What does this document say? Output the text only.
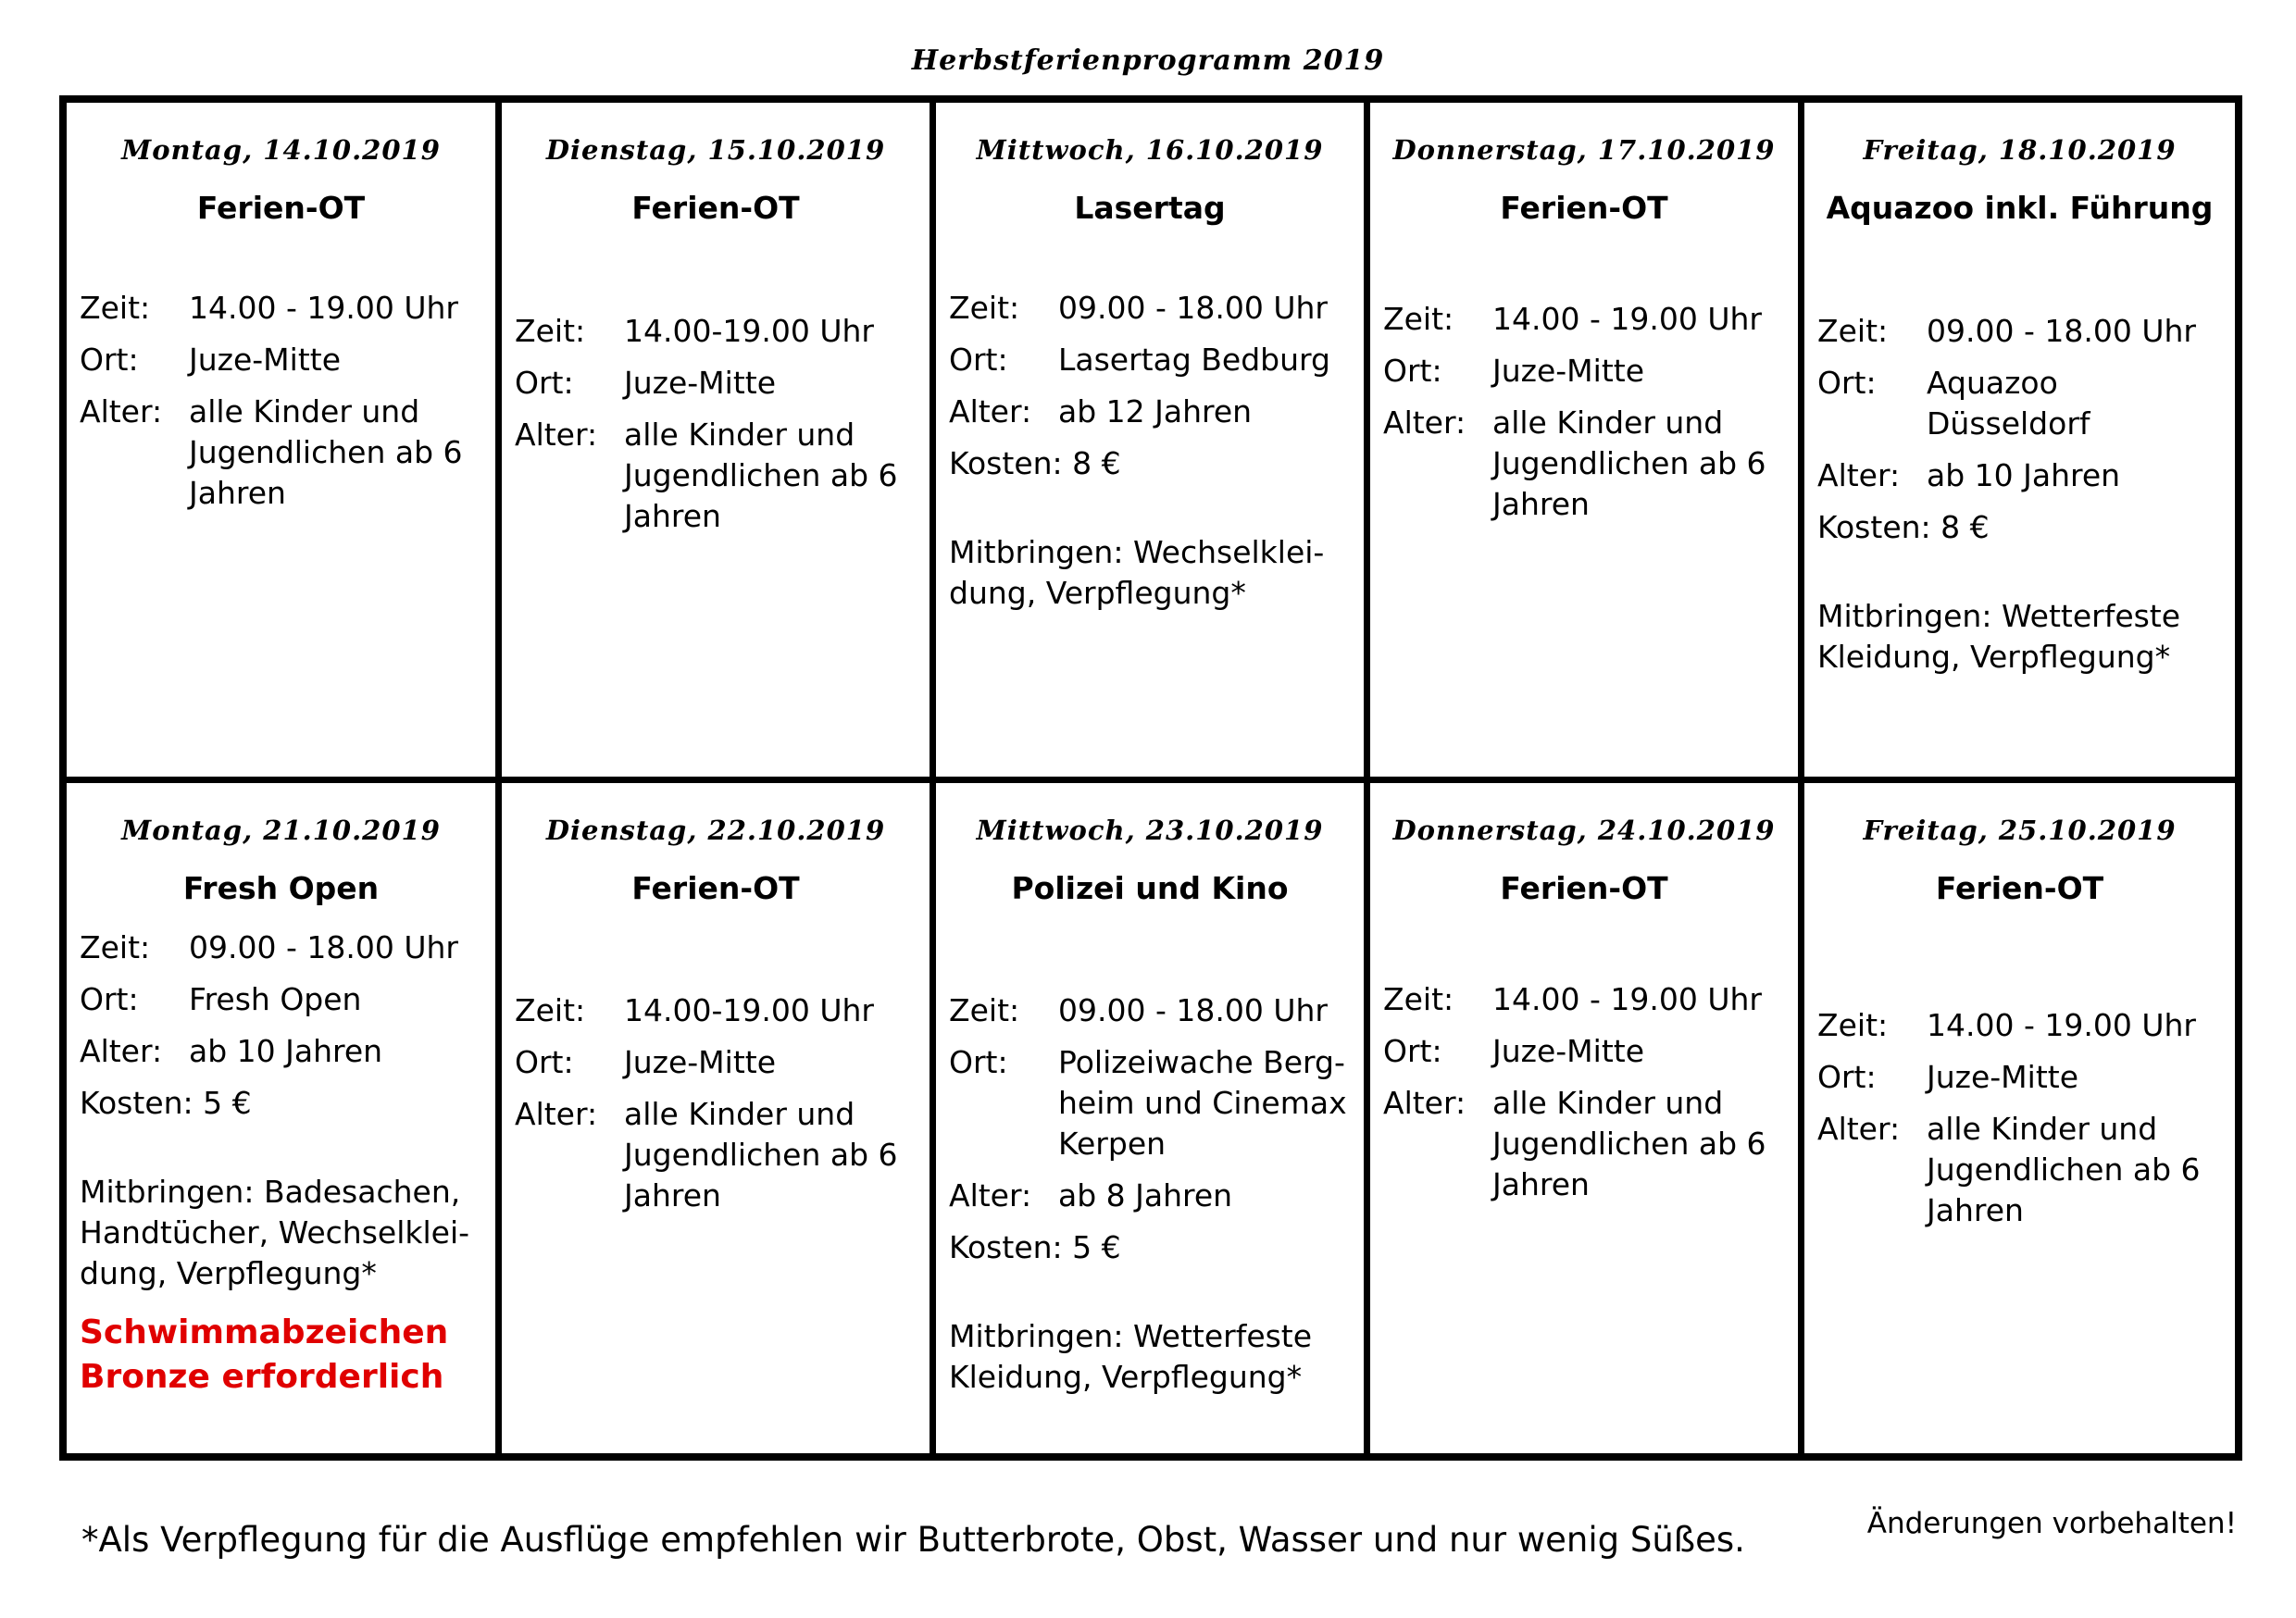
Herbstferienprogramm 2019
Montag, 14.10.2019
Ferien-OT
Zeit:	14.00 - 19.00 Uhr
Ort:	Juze-Mitte
Alter: alle Kinder und Jugendlichen ab 6 Jahren
Dienstag, 15.10.2019
Ferien-OT
Zeit:	14.00-19.00 Uhr
Ort:	Juze-Mitte
Alter: alle Kinder und Jugendlichen ab 6 Jahren
Mittwoch, 16.10.2019
Lasertag
Zeit:	09.00 - 18.00 Uhr
Ort:	Lasertag Bedburg
Alter: ab 12 Jahren
Kosten: 8 €
Mitbringen: Wechselklei-dung, Verpflegung*
Donnerstag, 17.10.2019
Ferien-OT
Zeit:	14.00 - 19.00 Uhr
Ort:	Juze-Mitte
Alter: alle Kinder und Jugendlichen ab 6 Jahren
Freitag, 18.10.2019
Aquazoo inkl. Führung
Zeit:	09.00 - 18.00 Uhr
Ort:	Aquazoo Düsseldorf
Alter: ab 10 Jahren
Kosten: 8 €
Mitbringen: Wetterfeste Kleidung, Verpflegung*
Montag, 21.10.2019
Fresh Open
Zeit:	09.00 - 18.00 Uhr
Ort:	Fresh Open
Alter: ab 10 Jahren
Kosten: 5 €
Mitbringen: Badesachen, Handtücher, Wechselklei-dung, Verpflegung*
Schwimmabzeichen Bronze erforderlich
Dienstag, 22.10.2019
Ferien-OT
Zeit:	14.00-19.00 Uhr
Ort:	Juze-Mitte
Alter: alle Kinder und Jugendlichen ab 6 Jahren
Mittwoch, 23.10.2019
Polizei und Kino
Zeit:	09.00 - 18.00 Uhr
Ort:	Polizeiwache Berg-heim und Cinemax Kerpen
Alter: ab 8 Jahren
Kosten: 5 €
Mitbringen: Wetterfeste Kleidung, Verpflegung*
Donnerstag, 24.10.2019
Ferien-OT
Zeit:	14.00 - 19.00 Uhr
Ort:	Juze-Mitte
Alter: alle Kinder und Jugendlichen ab 6 Jahren
Freitag, 25.10.2019
Ferien-OT
Zeit:	14.00 - 19.00 Uhr
Ort:	Juze-Mitte
Alter: alle Kinder und Jugendlichen ab 6 Jahren
*Als Verpflegung für die Ausflüge empfehlen wir Butterbrote, Obst, Wasser und nur wenig Süßes.	Änderungen vorbehalten!
